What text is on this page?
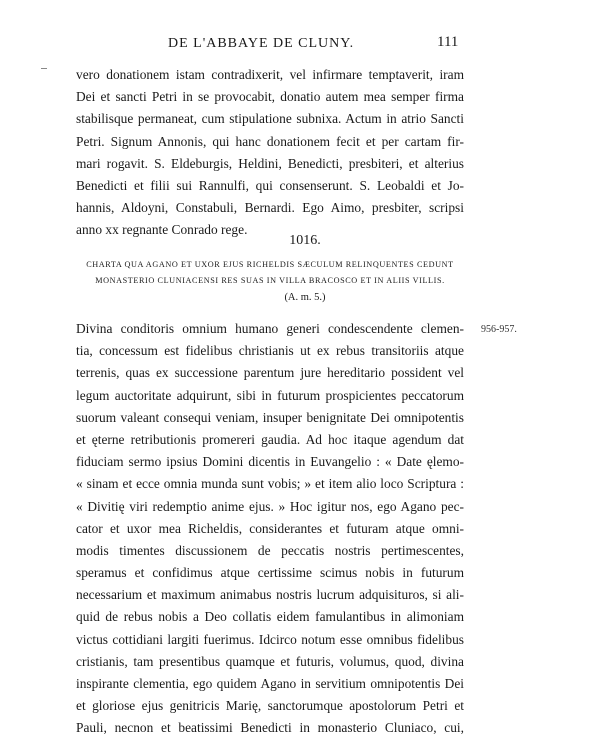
DE L'ABBAYE DE CLUNY.	111
vero donationem istam contradixerit, vel infirmare temptaverit, iram
Dei et sancti Petri in se provocabit, donatio autem mea semper firma
stabilisque permaneat, cum stipulatione subnixa. Actum in atrio Sancti
Petri. Signum Annonis, qui hanc donationem fecit et per cartam fir-
mari rogavit. S. Eldeburgis, Heldini, Benedicti, presbiteri, et alterius
Benedicti et filii sui Rannulfi, qui consenserunt. S. Leobaldi et Jo-
hannis, Aldoyni, Constabuli, Bernardi. Ego Aimo, presbiter, scripsi
anno xx regnante Conrado rege.
1016.
CHARTA QUA AGANO ET UXOR EJUS RICHELDIS SÆCULUM RELINQUENTES CEDUNT
MONASTERIO CLUNIACENSI RES SUAS IN VILLA BRACOSCO ET IN ALIIS VILLIS.
(A. m. 5.)
956-957.
Divina conditoris omnium humano generi condescendente clemen-
tia, concessum est fidelibus christianis ut ex rebus transitoriis atque
terrenis, quas ex successione parentum jure hereditario possident vel
legum auctoritate adquirunt, sibi in futurum prospicientes peccatorum
suorum valeant consequi veniam, insuper benignitate Dei omnipotentis
et ęterne retributionis promereri gaudia. Ad hoc itaque agendum dat
fiduciam sermo ipsius Domini dicentis in Euvangelio : « Date ęlemo-
« sinam et ecce omnia munda sunt vobis; » et item alio loco Scriptura :
« Divitię viri redemptio anime ejus. » Hoc igitur nos, ego Agano pec-
cator et uxor mea Richeldis, considerantes et futuram atque omni-
modis timentes discussionem de peccatis nostris pertimescentes,
speramus et confidimus atque certissime scimus nobis in futurum
necessarium et maximum animabus nostris lucrum adquisituros, si ali-
quid de rebus nobis a Deo collatis eidem famulantibus in alimoniam
victus cottidiani largiti fuerimus. Idcirco notum esse omnibus fidelibus
cristianis, tam presentibus quamque et futuris, volumus, quod, divina
inspirante clementia, ego quidem Agano in servitium omnipotentis Dei
et gloriose ejus genitricis Marię, sanctorumque apostolorum Petri et
Pauli, necnon et beatissimi Benedicti in monasterio Cluniaco, cui,
